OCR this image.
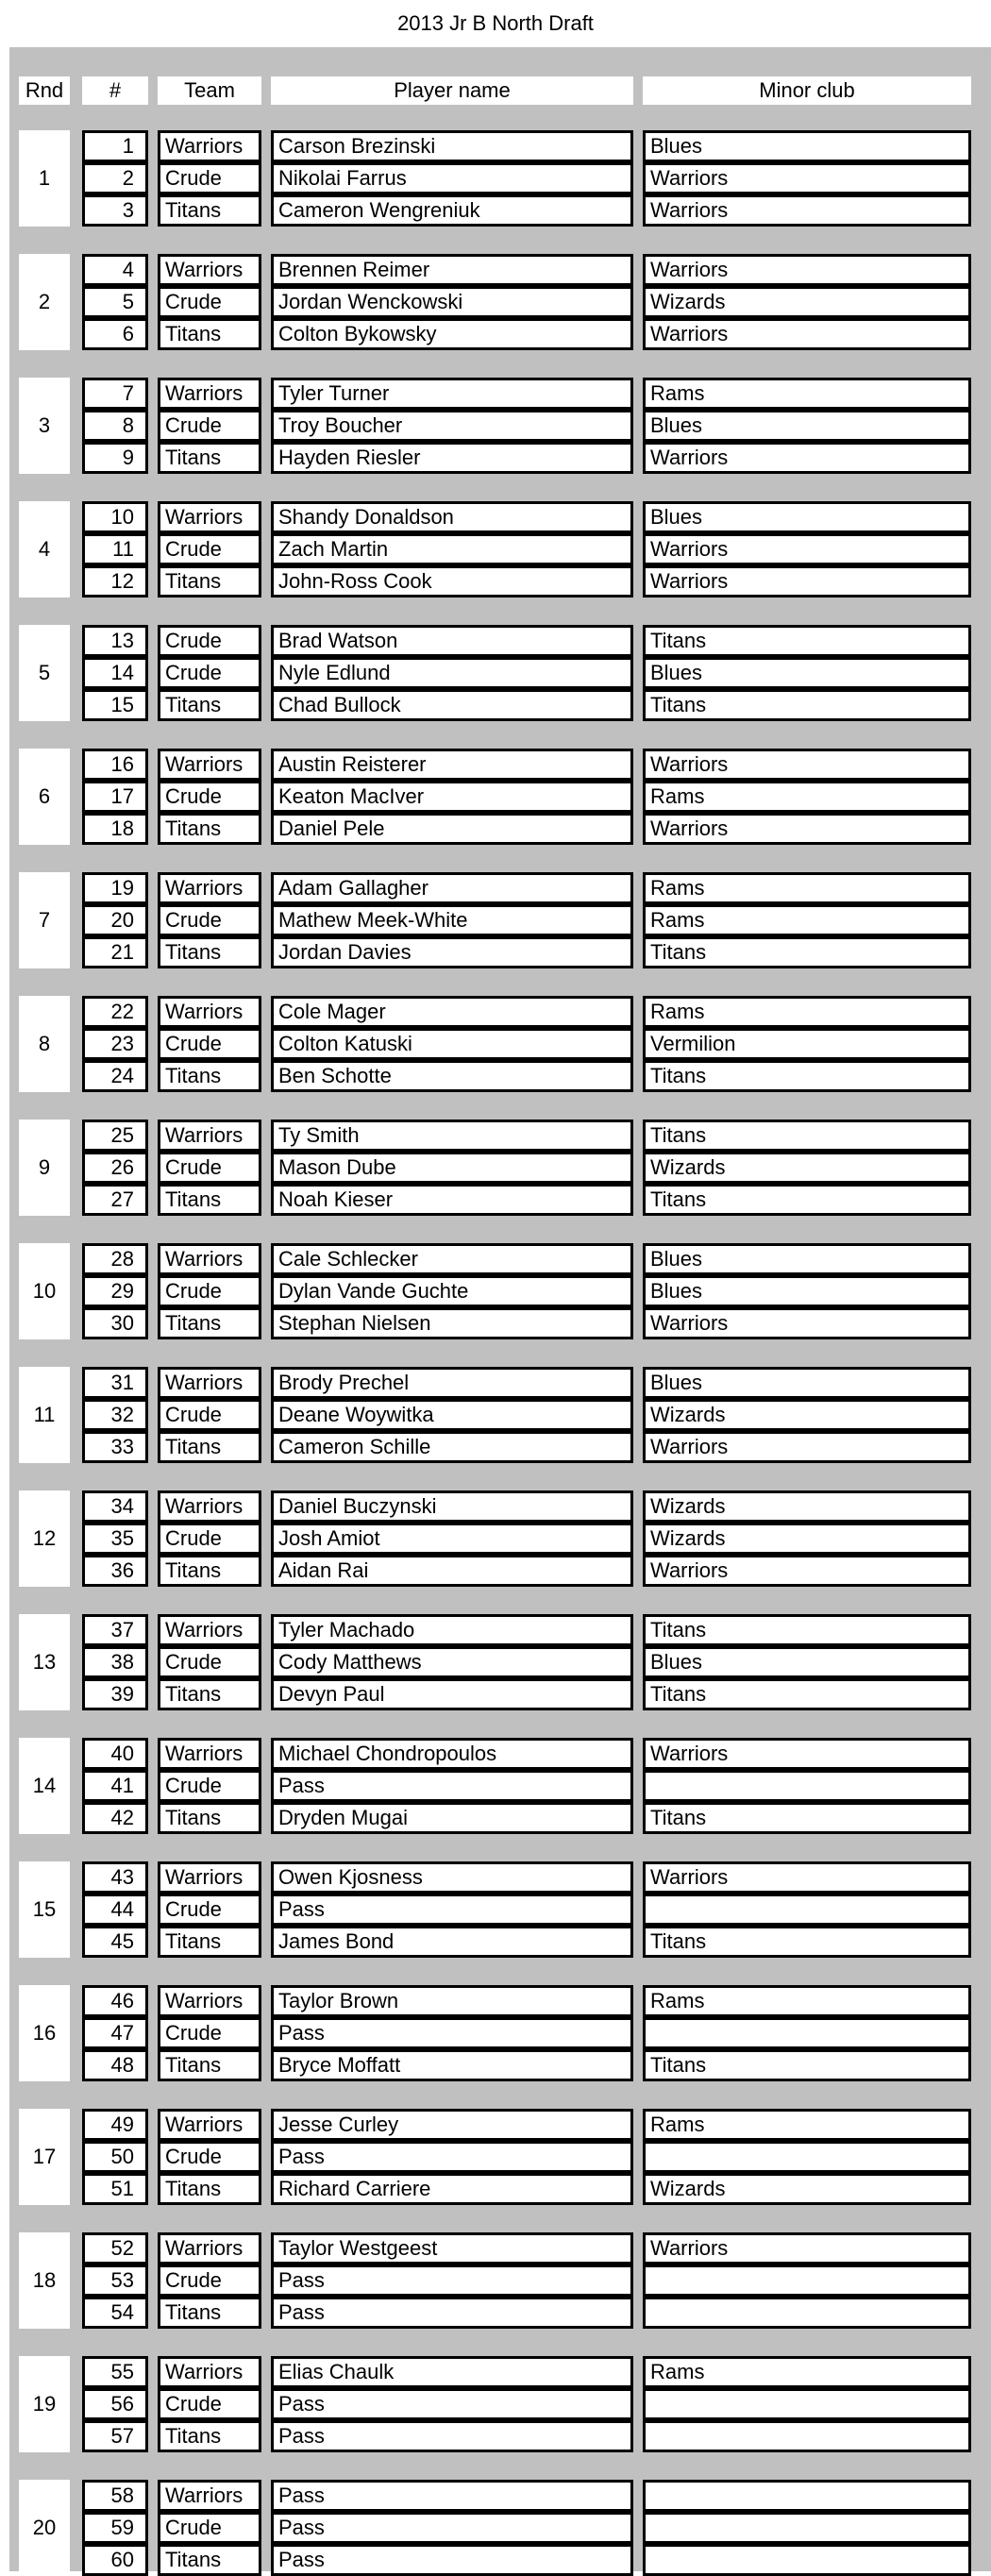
2013 Jr B North Draft
Rnd	#	Team	Player name	Minor club
1
1	Warriors	Carson Brezinski	Blues
2	Crude	Nikolai Farrus	Warriors
3	Titans	Cameron Wengreniuk	Warriors
2
4	Warriors	Brennen Reimer	Warriors
5	Crude	Jordan Wenckowski	Wizards
6	Titans	Colton Bykowsky	Warriors
3
7	Warriors	Tyler Turner	Rams
8	Crude	Troy Boucher	Blues
9	Titans	Hayden Riesler	Warriors
4
10	Warriors	Shandy Donaldson	Blues
11	Crude	Zach Martin	Warriors
12	Titans	John-Ross Cook	Warriors
5
13	Crude	Brad Watson	Titans
14	Crude	Nyle Edlund	Blues
15	Titans	Chad Bullock	Titans
6
16	Warriors	Austin Reisterer	Warriors
17	Crude	Keaton MacIver	Rams
18	Titans	Daniel Pele	Warriors
7
19	Warriors	Adam Gallagher	Rams
20	Crude	Mathew Meek-White	Rams
21	Titans	Jordan Davies	Titans
8
22	Warriors	Cole Mager	Rams
23	Crude	Colton Katuski	Vermilion
24	Titans	Ben Schotte	Titans
9
25	Warriors	Ty Smith	Titans
26	Crude	Mason Dube	Wizards
27	Titans	Noah Kieser	Titans
10
28	Warriors	Cale Schlecker	Blues
29	Crude	Dylan Vande Guchte	Blues
30	Titans	Stephan Nielsen	Warriors
11
31	Warriors	Brody Prechel	Blues
32	Crude	Deane Woywitka	Wizards
33	Titans	Cameron Schille	Warriors
12
34	Warriors	Daniel Buczynski	Wizards
35	Crude	Josh Amiot	Wizards
36	Titans	Aidan Rai	Warriors
13
37	Warriors	Tyler Machado	Titans
38	Crude	Cody Matthews	Blues
39	Titans	Devyn Paul	Titans
14
40	Warriors	Michael Chondropoulos	Warriors
41	Crude	Pass
42	Titans	Dryden Mugai	Titans
15
43	Warriors	Owen Kjosness	Warriors
44	Crude	Pass
45	Titans	James Bond	Titans
16
46	Warriors	Taylor Brown	Rams
47	Crude	Pass
48	Titans	Bryce Moffatt	Titans
17
49	Warriors	Jesse Curley	Rams
50	Crude	Pass
51	Titans	Richard Carriere	Wizards
18
52	Warriors	Taylor Westgeest	Warriors
53	Crude	Pass
54	Titans	Pass
19
55	Warriors	Elias Chaulk	Rams
56	Crude	Pass
57	Titans	Pass
20
58	Warriors	Pass
59	Crude	Pass
60	Titans	Pass
